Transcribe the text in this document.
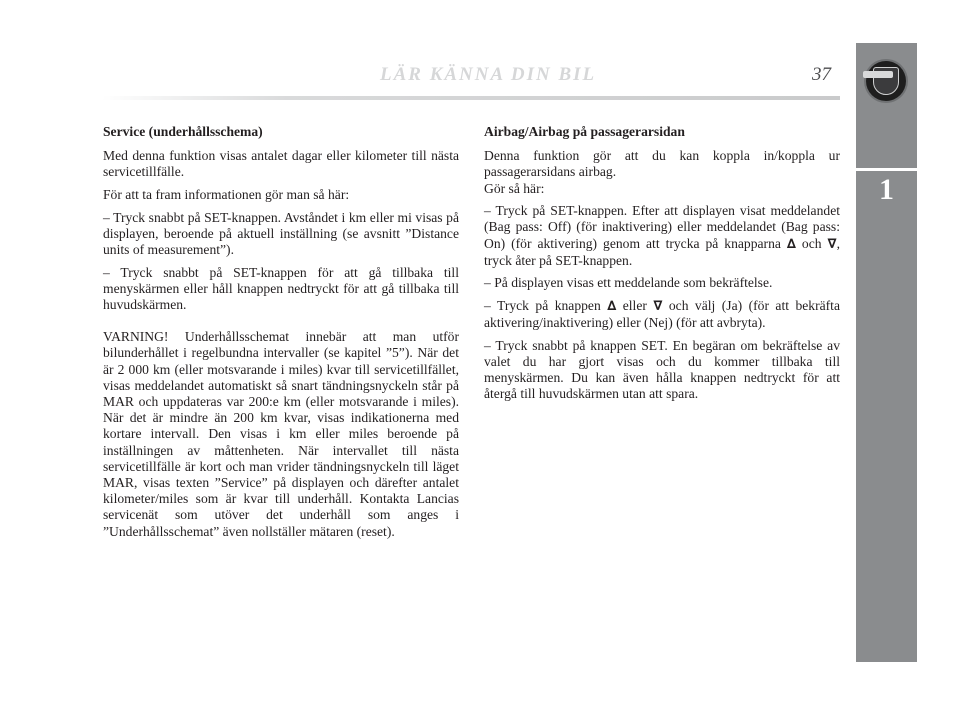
LÄR KÄNNA DIN BIL	37
1

Service (underhållsschema)

Med denna funktion visas antalet dagar eller kilometer till nästa servicetillfälle.

För att ta fram informationen gör man så här:

– Tryck snabbt på SET-knappen. Avståndet i km eller mi visas på displayen, beroende på aktuell inställning (se avsnitt ”Distance units of measurement”).

– Tryck snabbt på SET-knappen för att gå tillbaka till menyskärmen eller håll knappen nedtryckt för att gå tillbaka till huvudskärmen.

VARNING! Underhållsschemat innebär att man utför bilunderhållet i regelbundna intervaller (se kapitel ”5”). När det är 2 000 km (eller motsvarande i miles) kvar till servicetillfället, visas meddelandet automatiskt så snart tändningsnyckeln står på MAR och uppdateras var 200:e km (eller motsvarande i miles). När det är mindre än 200 km kvar, visas indikationerna med kortare intervall. Den visas i km eller miles beroende på inställningen av måttenheten. När intervallet till nästa servicetillfälle är kort och man vrider tändningsnyckeln till läget MAR, visas texten ”Service” på displayen och därefter antalet kilometer/miles som är kvar till underhåll. Kontakta Lancias servicenät som utöver det underhåll som anges i ”Underhållsschemat” även nollställer mätaren (reset).

Airbag/Airbag på passagerarsidan

Denna funktion gör att du kan koppla in/koppla ur passagerarsidans airbag.

Gör så här:

– Tryck på SET-knappen. Efter att displayen visat meddelandet (Bag pass: Off) (för inaktivering) eller meddelandet (Bag pass: On) (för aktivering) genom att trycka på knapparna ∆ och ∇, tryck åter på SET-knappen.

– På displayen visas ett meddelande som bekräftelse.

– Tryck på knappen ∆ eller ∇ och välj (Ja) (för att bekräfta aktivering/inaktivering) eller (Nej) (för att avbryta).

– Tryck snabbt på knappen SET. En begäran om bekräftelse av valet du har gjort visas och du kommer tillbaka till menyskärmen. Du kan även hålla knappen nedtryckt för att återgå till huvudskärmen utan att spara.
